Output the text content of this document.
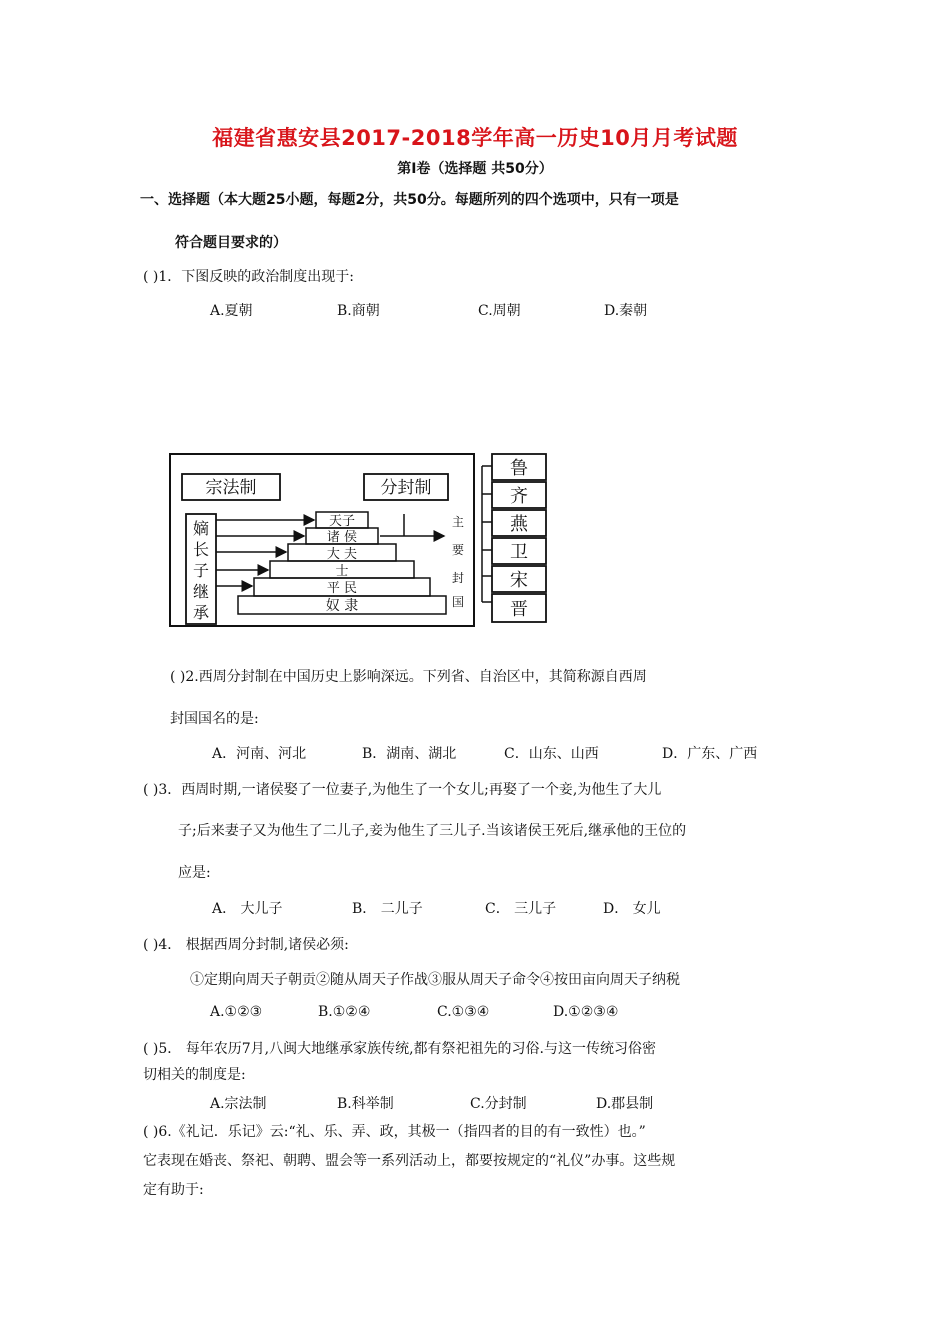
福建省惠安县2017-2018学年高一历史10月月考试题
第Ⅰ卷（选择题 共50分）
一、选择题（本大题25小题，每题2分，共50分。每题所列的四个选项中，只有一项是
符合题目要求的）
( )1．下图反映的政治制度出现于:
A.夏朝	B.商朝	C.周朝	D.秦朝
宗法制	分封制
嫡
长
子
继
承
天子
诸 侯
大 夫
士
平 民
奴 隶
主
要
封
国
鲁
齐
燕
卫
宋
晋
( )2.西周分封制在中国历史上影响深远。下列省、自治区中，其简称源自西周
封国国名的是:
A．河南、河北	B．湖南、湖北	C．山东、山西	D．广东、广西
( )3．西周时期,一诸侯娶了一位妻子,为他生了一个女儿;再娶了一个妾,为他生了大儿
子;后来妻子又为他生了二儿子,妾为他生了三儿子.当该诸侯王死后,继承他的王位的
应是:
A． 大儿子	B． 二儿子	C． 三儿子	D． 女儿
( )4． 根据西周分封制,诸侯必须:
①定期向周天子朝贡②随从周天子作战③服从周天子命令④按田亩向周天子纳税
A.①②③	B.①②④	C.①③④	D.①②③④
( )5． 每年农历7月,八闽大地继承家族传统,都有祭祀祖先的习俗.与这一传统习俗密
切相关的制度是:
A.宗法制	B.科举制	C.分封制	D.郡县制
( )6.《礼记．乐记》云:“礼、乐、弄、政，其极一（指四者的目的有一致性）也。”
它表现在婚丧、祭祀、朝聘、盟会等一系列活动上，都要按规定的“礼仪”办事。这些规
定有助于:
